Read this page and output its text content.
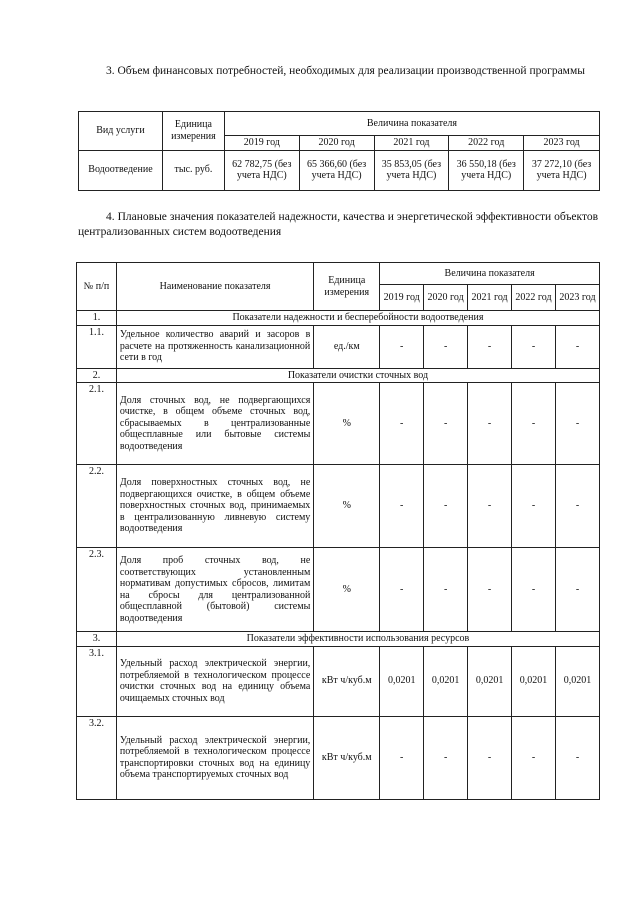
3. Объем финансовых потребностей, необходимых для реализации производственной программы
Вид услуги	Единица измерения	Величина показателя				
		2019 год	2020 год	2021 год	2022 год	2023 год
Водоотведение	тыс. руб.	62 782,75 (без учета НДС)	65 366,60 (без учета НДС)	35 853,05 (без учета НДС)	36 550,18 (без учета НДС)	37 272,10 (без учета НДС)
4. Плановые значения показателей надежности, качества и энергетической эффективности объектов централизованных систем водоотведения
№ п/п	Наименование показателя	Единица измерения	Величина показателя				
			2019 год	2020 год	2021 год	2022 год	2023 год
1.	Показатели надежности и бесперебойности водоотведения						
1.1.	Удельное количество аварий и засоров в расчете на протяженность канализационной сети в год	ед./км	-	-	-	-	-
2.	Показатели очистки сточных вод						
2.1.	Доля сточных вод, не подвергающихся очистке, в общем объеме сточных вод, сбрасываемых в централизованные общесплавные или бытовые системы водоотведения	%	-	-	-	-	-
2.2.	Доля поверхностных сточных вод, не подвергающихся очистке, в общем объеме поверхностных сточных вод, принимаемых в централизованную ливневую систему водоотведения	%	-	-	-	-	-
2.3.	Доля проб сточных вод, не соответствующих установленным нормативам допустимых сбросов, лимитам на сбросы для централизованной общесплавной (бытовой) системы водоотведения	%	-	-	-	-	-
3.	Показатели эффективности использования ресурсов						
3.1.	Удельный расход электрической энергии, потребляемой в технологическом процессе очистки сточных вод на единицу объема очищаемых сточных вод	кВт ч/куб.м	0,0201	0,0201	0,0201	0,0201	0,0201
3.2.	Удельный расход электрической энергии, потребляемой в технологическом процессе транспортировки сточных вод на единицу объема транспортируемых сточных вод	кВт ч/куб.м	-	-	-	-	-
